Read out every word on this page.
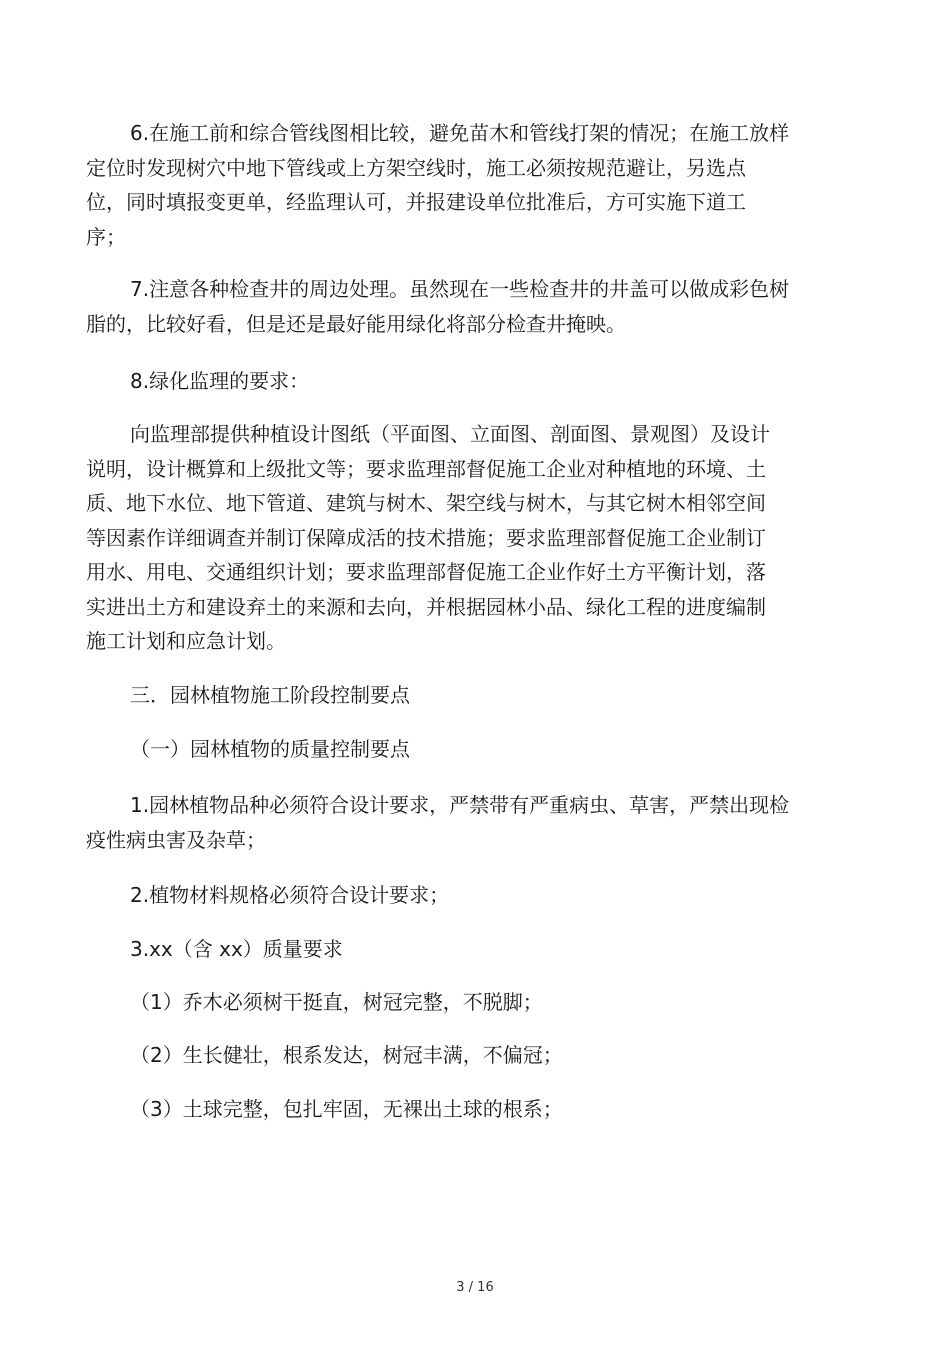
6.在施工前和综合管线图相比较，避免苗木和管线打架的情况；在施工放样
定位时发现树穴中地下管线或上方架空线时，施工必须按规范避让，另选点
位，同时填报变更单，经监理认可，并报建设单位批准后，方可实施下道工
序；

7.注意各种检查井的周边处理。虽然现在一些检查井的井盖可以做成彩色树
脂的，比较好看，但是还是最好能用绿化将部分检查井掩映。

8.绿化监理的要求：

向监理部提供种植设计图纸（平面图、立面图、剖面图、景观图）及设计
说明，设计概算和上级批文等；要求监理部督促施工企业对种植地的环境、土
质、地下水位、地下管道、建筑与树木、架空线与树木，与其它树木相邻空间
等因素作详细调查并制订保障成活的技术措施；要求监理部督促施工企业制订
用水、用电、交通组织计划；要求监理部督促施工企业作好土方平衡计划，落
实进出土方和建设弃土的来源和去向，并根据园林小品、绿化工程的进度编制
施工计划和应急计划。

三．园林植物施工阶段控制要点

（一）园林植物的质量控制要点

1.园林植物品种必须符合设计要求，严禁带有严重病虫、草害，严禁出现检
疫性病虫害及杂草；

2.植物材料规格必须符合设计要求；

3.xx（含 xx）质量要求

（1）乔木必须树干挺直，树冠完整，不脱脚；

（2）生长健壮，根系发达，树冠丰满，不偏冠；

（3）土球完整，包扎牢固，无裸出土球的根系；

3 / 16
